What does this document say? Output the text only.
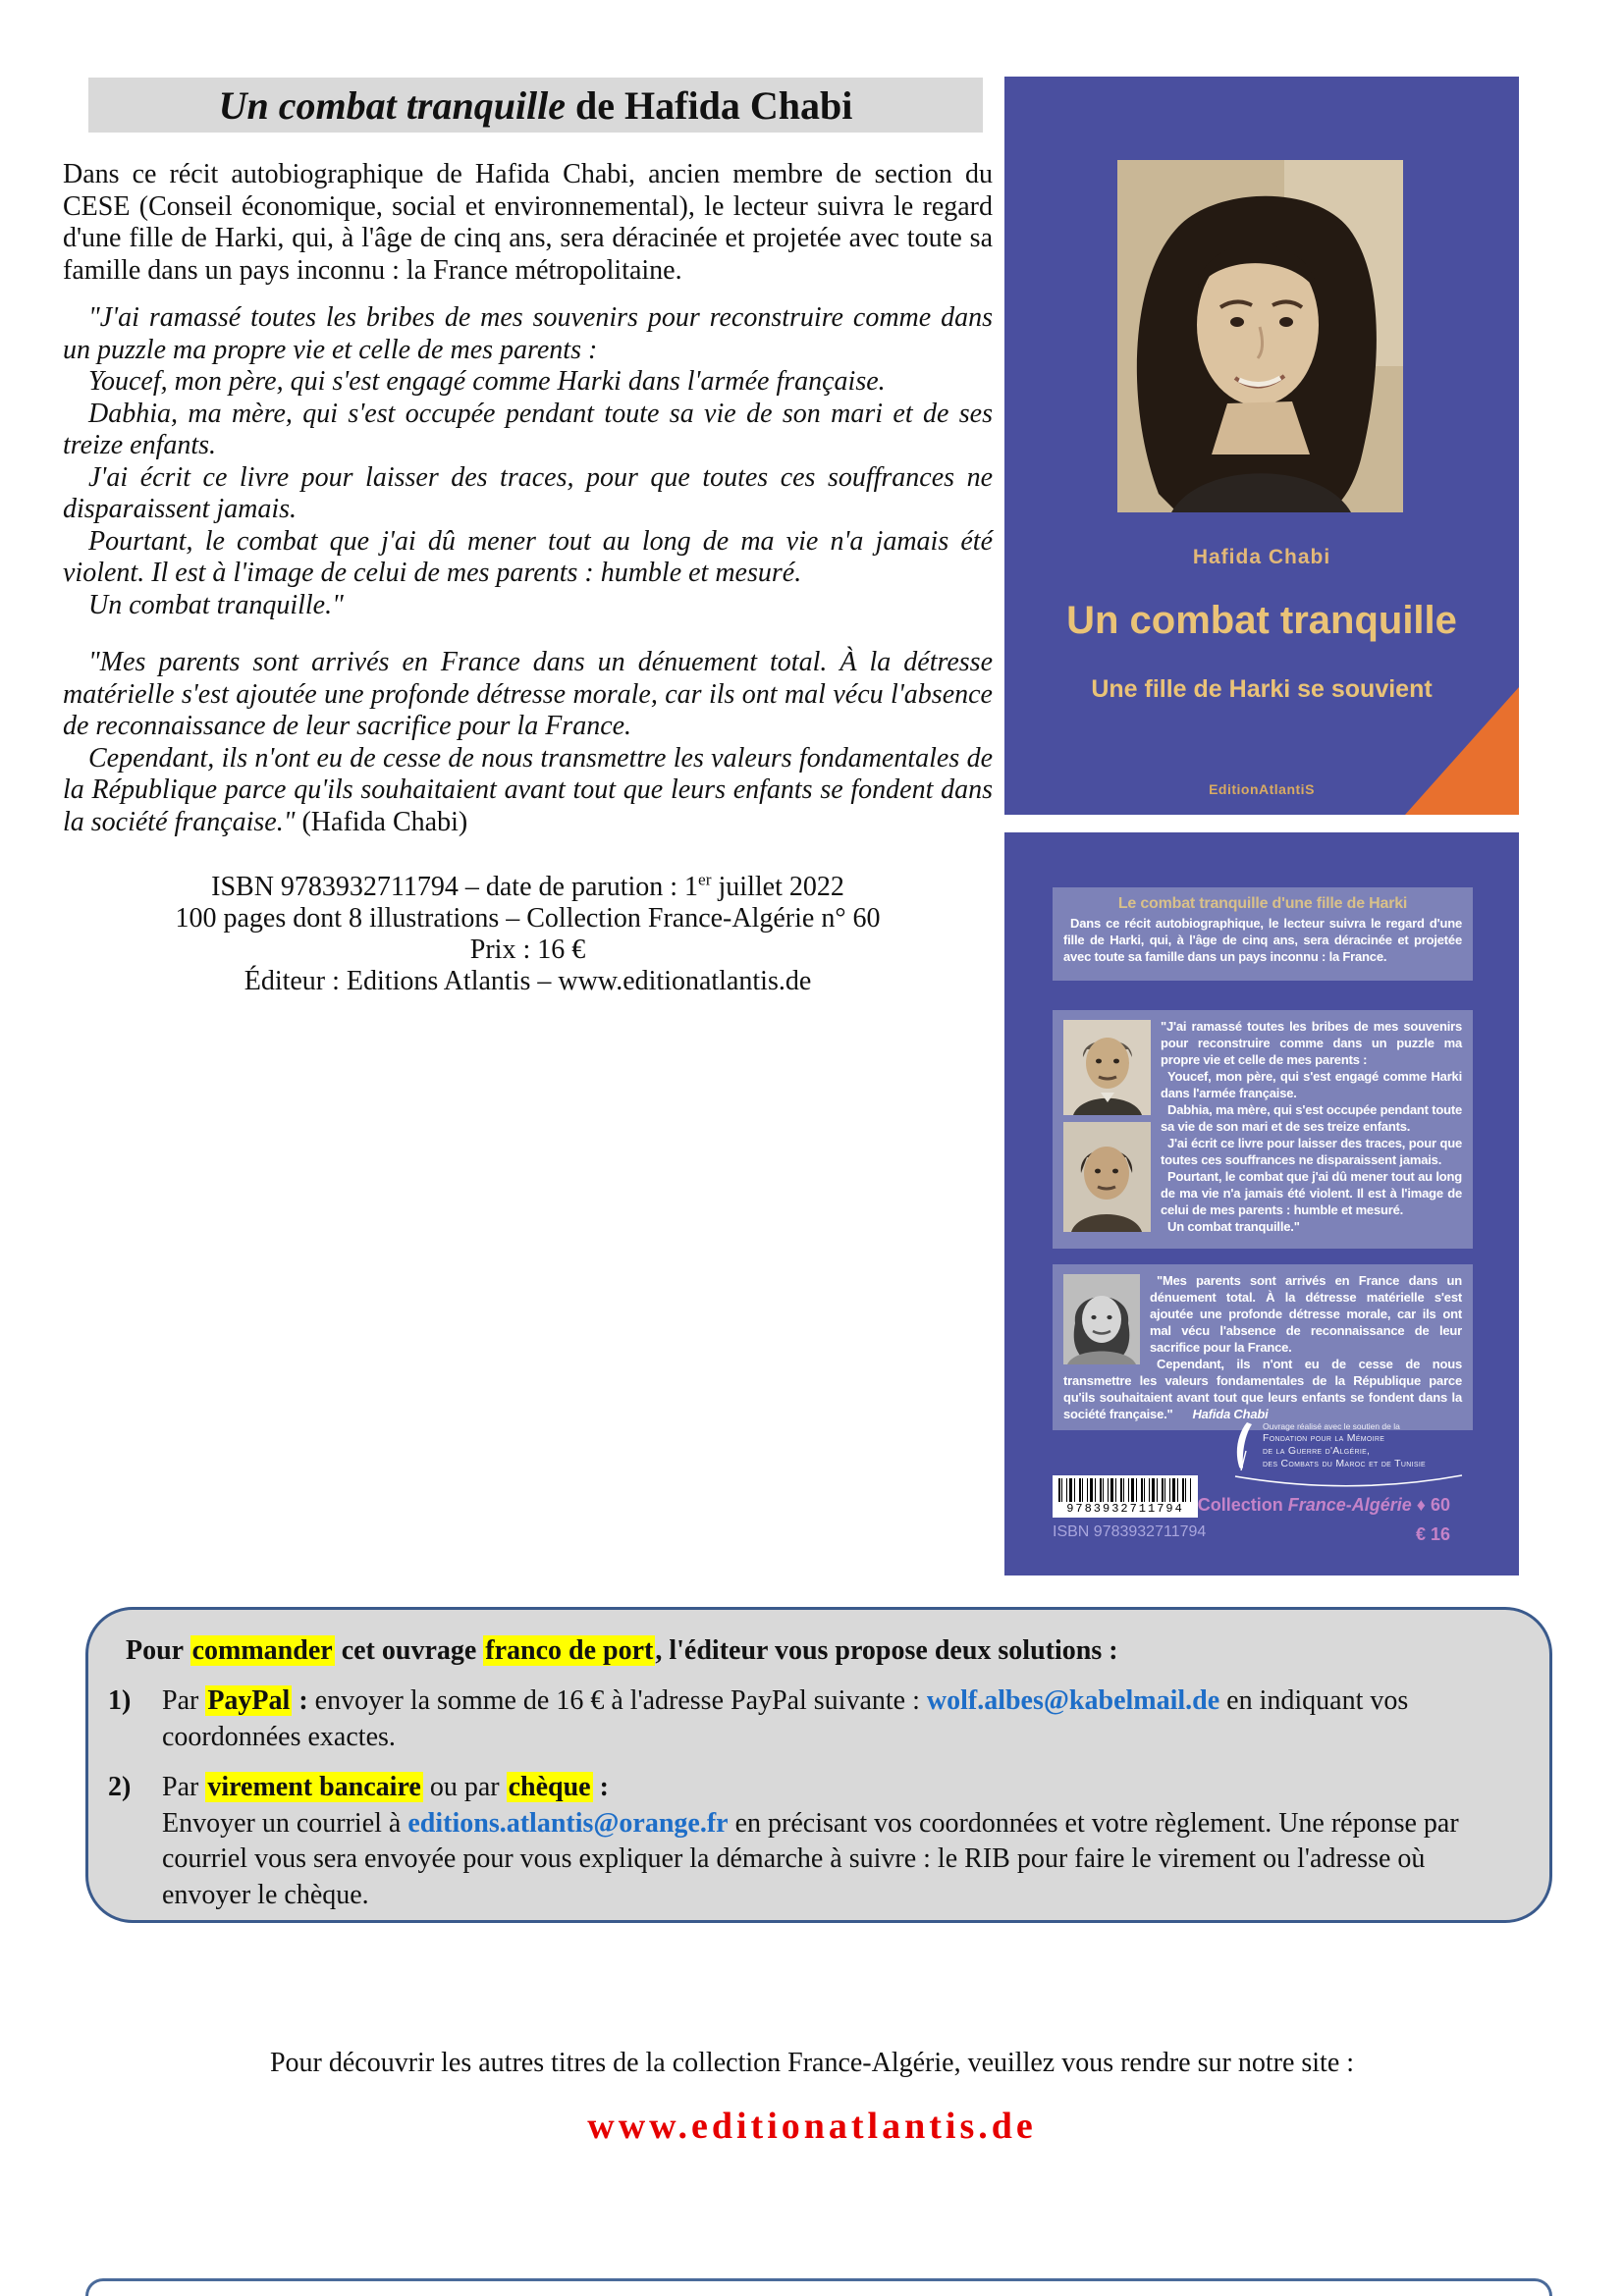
Un combat tranquille de Hafida Chabi

Dans ce récit autobiographique de Hafida Chabi, ancien membre de section du CESE (Conseil économique, social et environnemental), le lecteur suivra le regard d'une fille de Harki, qui, à l'âge de cinq ans, sera déracinée et projetée avec toute sa famille dans un pays inconnu : la France métropolitaine.

"J'ai ramassé toutes les bribes de mes souvenirs pour reconstruire comme dans un puzzle ma propre vie et celle de mes parents :

Youcef, mon père, qui s'est engagé comme Harki dans l'armée française.

Dabhia, ma mère, qui s'est occupée pendant toute sa vie de son mari et de ses treize enfants.

J'ai écrit ce livre pour laisser des traces, pour que toutes ces souffrances ne disparaissent jamais.

Pourtant, le combat que j'ai dû mener tout au long de ma vie n'a jamais été violent. Il est à l'image de celui de mes parents : humble et mesuré.

Un combat tranquille."

"Mes parents sont arrivés en France dans un dénuement total. À la détresse matérielle s'est ajoutée une profonde détresse morale, car ils ont mal vécu l'absence de reconnaissance de leur sacrifice pour la France.

Cependant, ils n'ont eu de cesse de nous transmettre les valeurs fondamentales de la République parce qu'ils souhaitaient avant tout que leurs enfants se fondent dans la société française." (Hafida Chabi)

ISBN 9783932711794 – date de parution : 1er juillet 2022
100 pages dont 8 illustrations – Collection France-Algérie n° 60
Prix : 16 €
Éditeur : Editions Atlantis – www.editionatlantis.de
Hafida Chabi
Un combat tranquille
Une fille de Harki se souvient
EditionAtlantiS

Le combat tranquille d'une fille de Harki

Dans ce récit autobiographique, le lecteur suivra le regard d'une fille de Harki, qui, à l'âge de cinq ans, sera déracinée et projetée avec toute sa famille dans un pays inconnu : la France.

"J'ai ramassé toutes les bribes de mes souvenirs pour reconstruire comme dans un puzzle ma propre vie et celle de mes parents :

Youcef, mon père, qui s'est engagé comme Harki dans l'armée française.

Dabhia, ma mère, qui s'est occupée pendant toute sa vie de son mari et de ses treize enfants.

J'ai écrit ce livre pour laisser des traces, pour que toutes ces souffrances ne disparaissent jamais.

Pourtant, le combat que j'ai dû mener tout au long de ma vie n'a jamais été violent. Il est à l'image de celui de mes parents : humble et mesuré.

Un combat tranquille."

"Mes parents sont arrivés en France dans un dénuement total. À la détresse matérielle s'est ajoutée une profonde détresse morale, car ils ont mal vécu l'absence de reconnaissance de leur sacrifice pour la France.

Cependant, ils n'ont eu de cesse de nous transmettre les valeurs fondamentales de la République parce qu'ils souhaitaient avant tout que leurs enfants se fondent dans la société française." Hafida Chabi

Ouvrage réalisé avec le soutien de la
Fondation pour la Mémoire
de la Guerre d'Algérie,
des Combats du Maroc et de Tunisie
9783932711794
ISBN 9783932711794
Collection France-Algérie ♦ 60
€ 16
Pour commander cet ouvrage franco de port, l'éditeur vous propose deux solutions :
1)	Par PayPal : envoyer la somme de 16 € à l'adresse PayPal suivante : wolf.albes@kabelmail.de en indiquant vos coordonnées exactes.
2)	Par virement bancaire ou par chèque :
Envoyer un courriel à editions.atlantis@orange.fr en précisant vos coordonnées et votre règlement. Une réponse par courriel vous sera envoyée pour vous expliquer la démarche à suivre : le RIB pour faire le virement ou l'adresse où envoyer le chèque.
Pour découvrir les autres titres de la collection France-Algérie, veuillez vous rendre sur notre site :
www.editionatlantis.de
